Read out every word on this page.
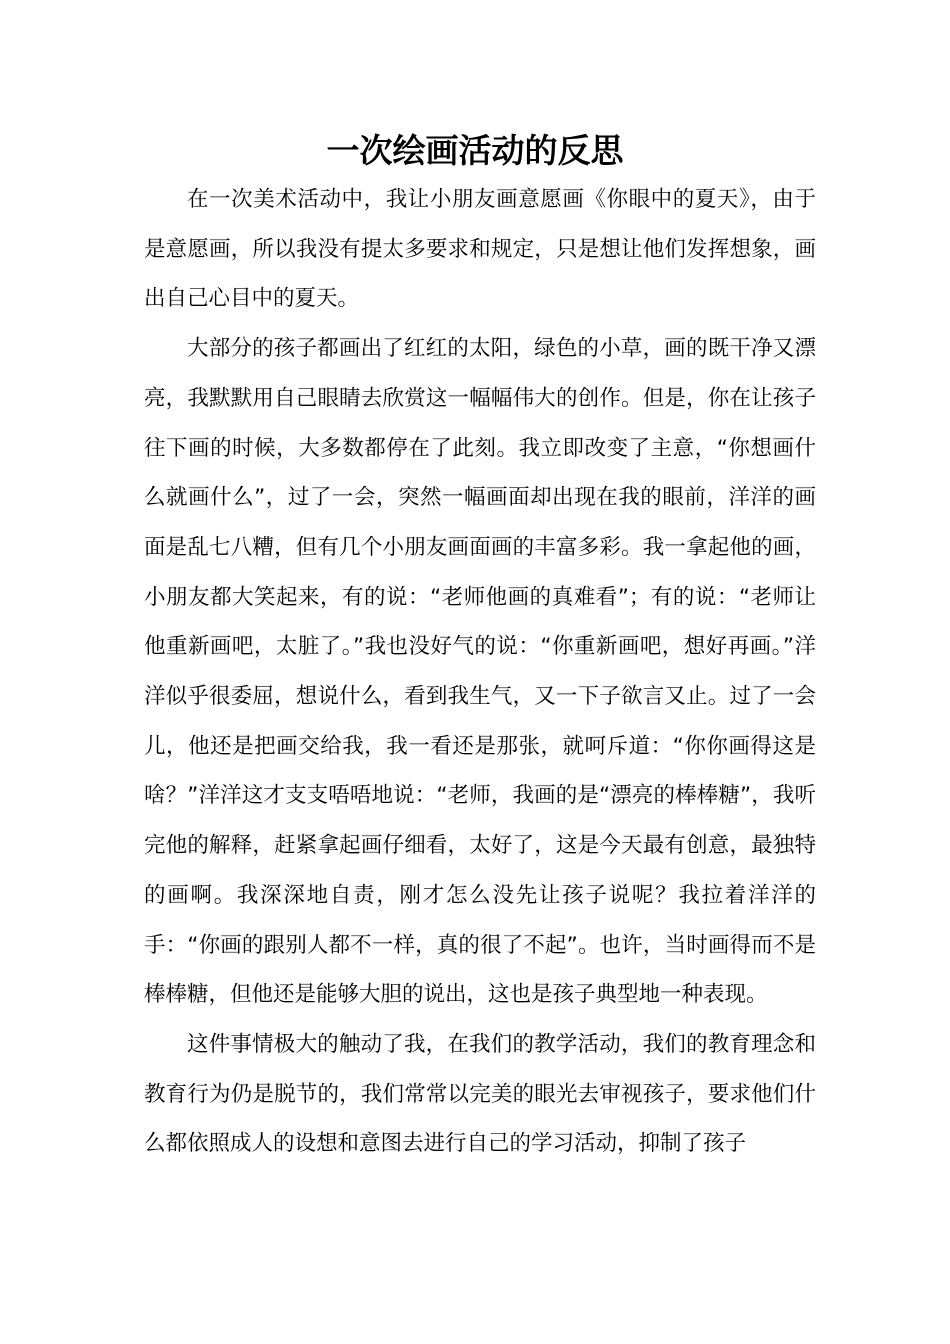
一次绘画活动的反思

在一次美术活动中，我让小朋友画意愿画《你眼中的夏天》，由于是意愿画，所以我没有提太多要求和规定，只是想让他们发挥想象，画出自己心目中的夏天。

大部分的孩子都画出了红红的太阳，绿色的小草，画的既干净又漂亮，我默默用自己眼睛去欣赏这一幅幅伟大的创作。但是，你在让孩子往下画的时候，大多数都停在了此刻。我立即改变了主意，“你想画什么就画什么”，过了一会，突然一幅画面却出现在我的眼前，洋洋的画面是乱七八糟，但有几个小朋友画面画的丰富多彩。我一拿起他的画，小朋友都大笑起来，有的说：“老师他画的真难看”；有的说：“老师让他重新画吧，太脏了。”我也没好气的说：“你重新画吧，想好再画。”洋洋似乎很委屈，想说什么，看到我生气，又一下子欲言又止。过了一会儿，他还是把画交给我，我一看还是那张，就呵斥道：“你你画得这是啥？”洋洋这才支支唔唔地说：“老师，我画的是“漂亮的棒棒糖”，我听完他的解释，赶紧拿起画仔细看，太好了，这是今天最有创意，最独特的画啊。我深深地自责，刚才怎么没先让孩子说呢？我拉着洋洋的手：“你画的跟别人都不一样，真的很了不起”。也许，当时画得而不是棒棒糖，但他还是能够大胆的说出，这也是孩子典型地一种表现。

这件事情极大的触动了我，在我们的教学活动，我们的教育理念和教育行为仍是脱节的，我们常常以完美的眼光去审视孩子，要求他们什么都依照成人的设想和意图去进行自己的学习活动，抑制了孩子
